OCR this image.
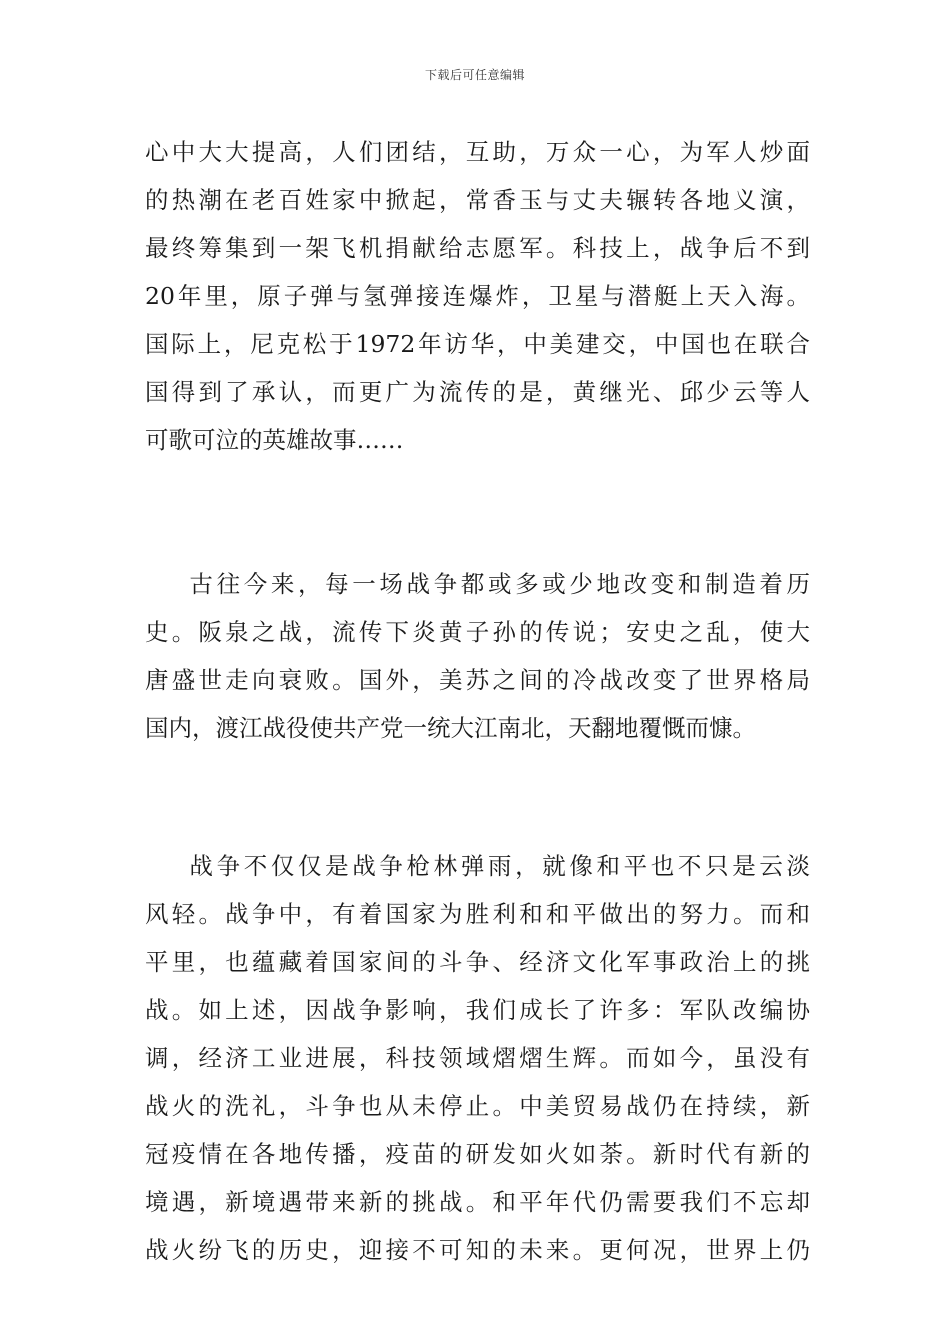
下载后可任意编辑
心中大大提高，人们团结，互助，万众一心，为军人炒面
的热潮在老百姓家中掀起，常香玉与丈夫辗转各地义演，
最终筹集到一架飞机捐献给志愿军。科技上，战争后不到
20年里，原子弹与氢弹接连爆炸，卫星与潜艇上天入海。
国际上，尼克松于1972年访华，中美建交，中国也在联合
国得到了承认，而更广为流传的是，黄继光、邱少云等人
可歌可泣的英雄故事……
古往今来，每一场战争都或多或少地改变和制造着历
史。阪泉之战，流传下炎黄子孙的传说；安史之乱，使大
唐盛世走向衰败。国外，美苏之间的冷战改变了世界格局
国内，渡江战役使共产党一统大江南北，天翻地覆慨而慷。
战争不仅仅是战争枪林弹雨，就像和平也不只是云淡
风轻。战争中，有着国家为胜利和和平做出的努力。而和
平里，也蕴藏着国家间的斗争、经济文化军事政治上的挑
战。如上述，因战争影响，我们成长了许多：军队改编协
调，经济工业进展，科技领域熠熠生辉。而如今，虽没有
战火的洗礼，斗争也从未停止。中美贸易战仍在持续，新
冠疫情在各地传播，疫苗的研发如火如荼。新时代有新的
境遇，新境遇带来新的挑战。和平年代仍需要我们不忘却
战火纷飞的历史，迎接不可知的未来。更何况，世界上仍
